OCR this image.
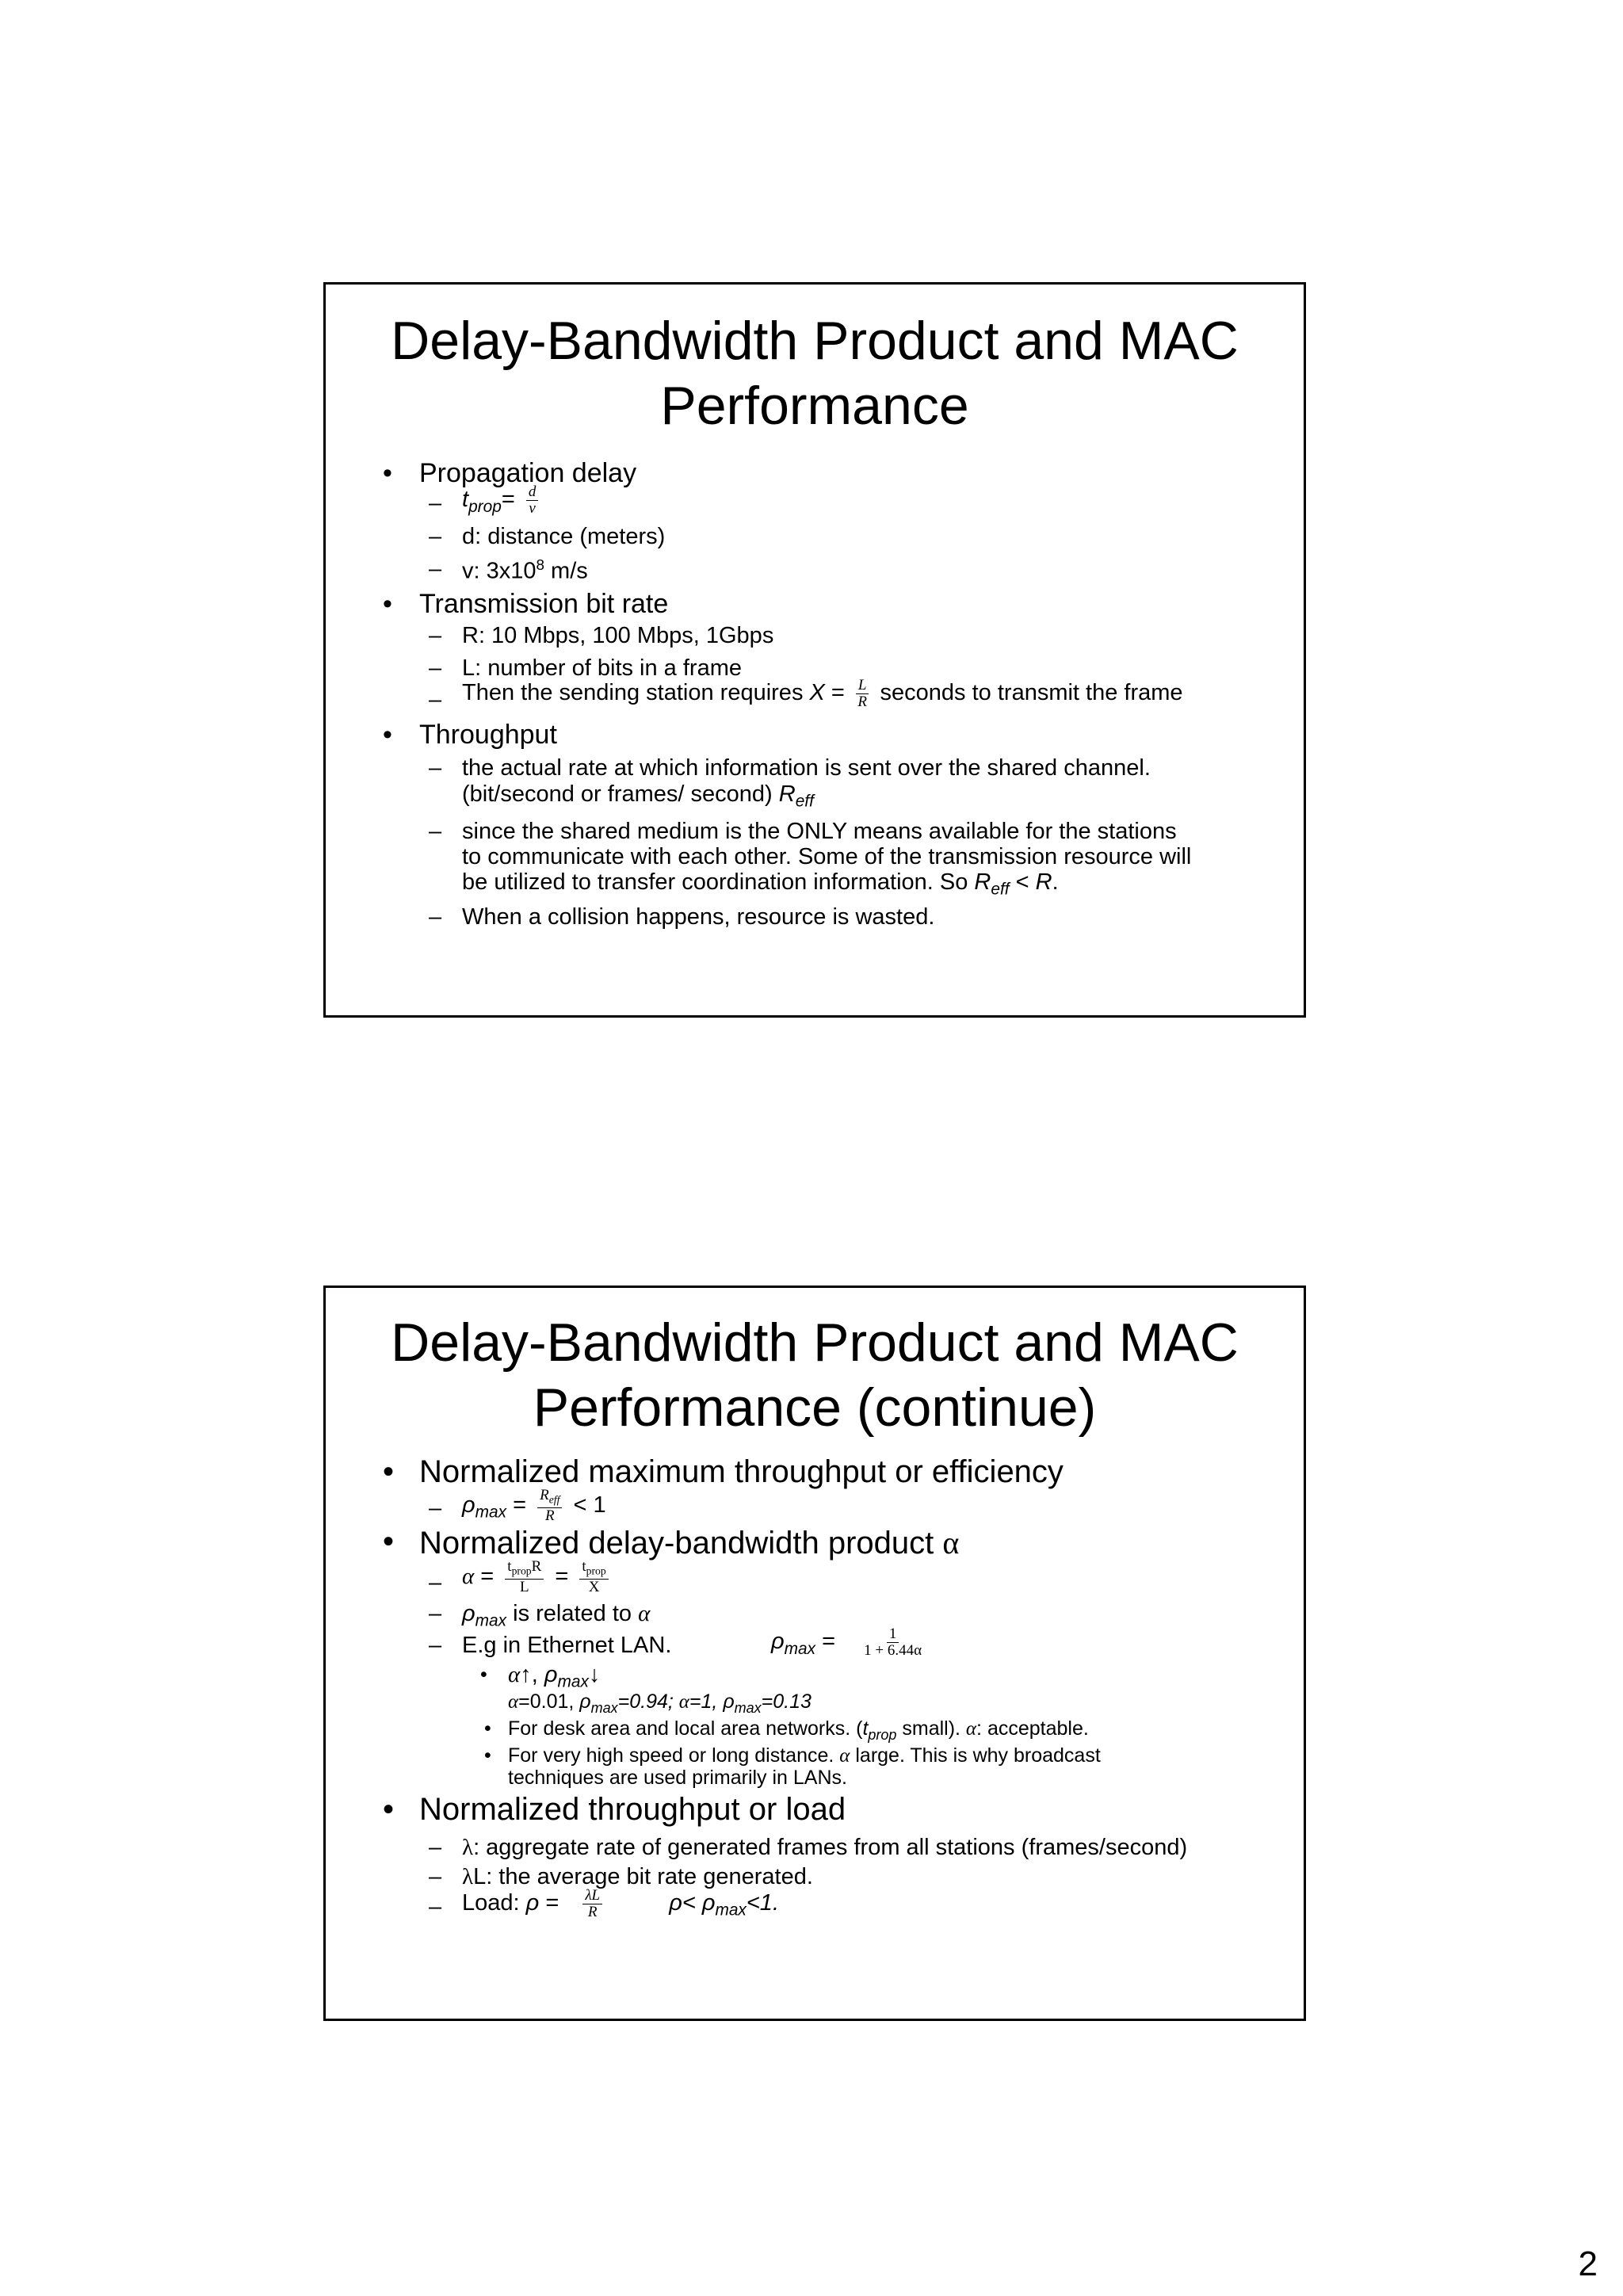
Delay-Bandwidth Product and MAC
Performance
• Propagation delay
– $t_{prop}= \frac{d}{v}$
– d: distance (meters)
– v: $3x10^8$ m/s
• Transmission bit rate
– R: 10 Mbps, 100 Mbps, 1Gbps
– L: number of bits in a frame
– Then the sending station requires $X = \frac{L}{R}$ seconds to transmit the frame
• Throughput
– the actual rate at which information is sent over the shared channel.
(bit/second or frames/ second) $R_{eff}$
– since the shared medium is the ONLY means available for the stations
to communicate with each other. Some of the transmission resource will
be utilized to transfer coordination information. So $R_{eff} < R$.
– When a collision happens, resource is wasted.
Delay-Bandwidth Product and MAC
Performance (continue)
• Normalized maximum throughput or efficiency
– $\rho_{max} = \frac{R_{eff}}{R} < 1$
• Normalized delay-bandwidth product α
– $\alpha = \frac{t_{prop}R}{L} = \frac{t_{prop}}{X}$
– $\rho_{max}$ is related to α
– E.g in Ethernet LAN.	$\rho_{max} = \frac{1}{1 + 6.44\alpha}$
• α↑, $\rho_{max}↓$
α=0.01, $\rho_{max}=0.94$; α=1, $\rho_{max}=0.13$
• For desk area and local area networks. ($t_{prop}$ small). α: acceptable.
• For very high speed or long distance. α large. This is why broadcast
techniques are used primarily in LANs.
• Normalized throughput or load
– λ: aggregate rate of generated frames from all stations (frames/second)
– λL: the average bit rate generated.
– Load: $\rho = \frac{\lambda L}{R}$	$\rho< \rho_{max}<1$.
2
